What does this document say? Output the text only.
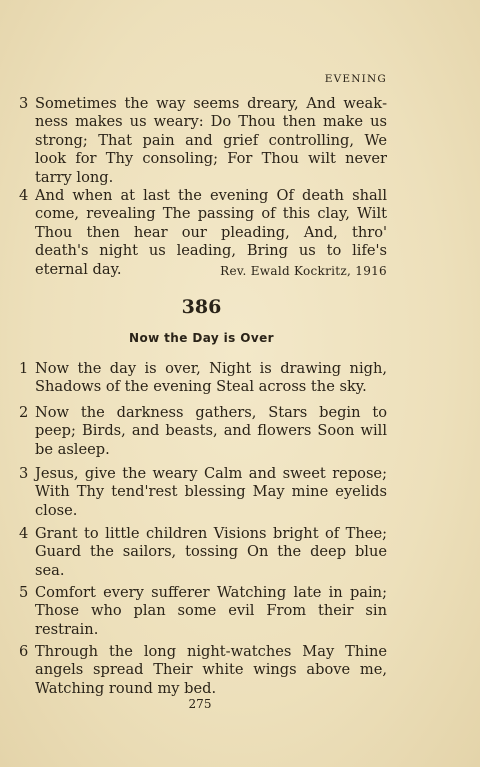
EVENING
3 Sometimes the way seems dreary, And weakness makes us weary: Do Thou then make us strong; That pain and grief controlling, We look for Thy consoling; For Thou wilt never tarry long.
4 And when at last the evening Of death shall come, revealing The passing of this clay, Wilt Thou then hear our pleading, And, thro' death's night us leading, Bring us to life's eternal day.	Rev. Ewald Kockritz, 1916
386
Now the Day is Over
1 Now the day is over, Night is drawing nigh, Shadows of the evening Steal across the sky.
2 Now the darkness gathers, Stars begin to peep; Birds, and beasts, and flowers Soon will be asleep.
3 Jesus, give the weary Calm and sweet repose; With Thy tend'rest blessing May mine eyelids close.
4 Grant to little children Visions bright of Thee; Guard the sailors, tossing On the deep blue sea.
5 Comfort every sufferer Watching late in pain; Those who plan some evil From their sin restrain.
6 Through the long night-watches May Thine angels spread Their white wings above me, Watching round my bed.
275
